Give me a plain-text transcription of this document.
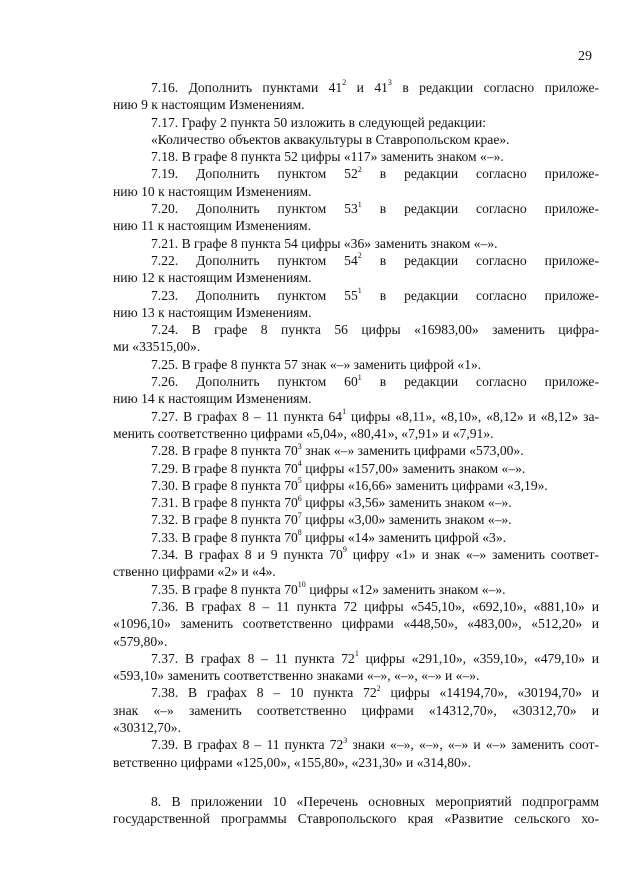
29
7.16. Дополнить пунктами $41^2$ и $41^3$ в редакции согласно приложе-
нию 9 к настоящим Изменениям.
7.17. Графу 2 пункта 50 изложить в следующей редакции:
«Количество объектов аквакультуры в Ставропольском крае».
7.18. В графе 8 пункта 52 цифры «117» заменить знаком «–».
7.19. Дополнить пунктом $52^2$ в редакции согласно приложе-
нию 10 к настоящим Изменениям.
7.20. Дополнить пунктом $53^1$ в редакции согласно приложе-
нию 11 к настоящим Изменениям.
7.21. В графе 8 пункта 54 цифры «36» заменить знаком «–».
7.22. Дополнить пунктом $54^2$ в редакции согласно приложе-
нию 12 к настоящим Изменениям.
7.23. Дополнить пунктом $55^1$ в редакции согласно приложе-
нию 13 к настоящим Изменениям.
7.24. В графе 8 пункта 56 цифры «16983,00» заменить цифра-
ми «33515,00».
7.25. В графе 8 пункта 57 знак «–» заменить цифрой «1».
7.26. Дополнить пунктом $60^1$ в редакции согласно приложе-
нию 14 к настоящим Изменениям.
7.27. В графах 8 – 11 пункта $64^1$ цифры «8,11», «8,10», «8,12» и «8,12» за-
менить соответственно цифрами «5,04», «80,41», «7,91» и «7,91».
7.28. В графе 8 пункта $70^3$ знак «–» заменить цифрами «573,00».
7.29. В графе 8 пункта $70^4$ цифры «157,00» заменить знаком «–».
7.30. В графе 8 пункта $70^5$ цифры «16,66» заменить цифрами «3,19».
7.31. В графе 8 пункта $70^6$ цифры «3,56» заменить знаком «–».
7.32. В графе 8 пункта $70^7$ цифры «3,00» заменить знаком «–».
7.33. В графе 8 пункта $70^8$ цифры «14» заменить цифрой «3».
7.34. В графах 8 и 9 пункта $70^9$ цифру «1» и знак «–» заменить соответ-
ственно цифрами «2» и «4».
7.35. В графе 8 пункта $70^{10}$ цифры «12» заменить знаком «–».
7.36. В графах 8 – 11 пункта 72 цифры «545,10», «692,10», «881,10» и
«1096,10» заменить соответственно цифрами «448,50», «483,00», «512,20» и
«579,80».
7.37. В графах 8 – 11 пункта $72^1$ цифры «291,10», «359,10», «479,10» и
«593,10» заменить соответственно знаками «–», «–», «–» и «–».
7.38. В графах 8 – 10 пункта $72^2$ цифры «14194,70», «30194,70» и
знак «–» заменить соответственно цифрами «14312,70», «30312,70» и
«30312,70».
7.39. В графах 8 – 11 пункта $72^3$ знаки «–», «–», «–» и «–» заменить соот-
ветственно цифрами «125,00», «155,80», «231,30» и «314,80».
8. В приложении 10 «Перечень основных мероприятий подпрограмм
государственной программы Ставропольского края «Развитие сельского хо-
